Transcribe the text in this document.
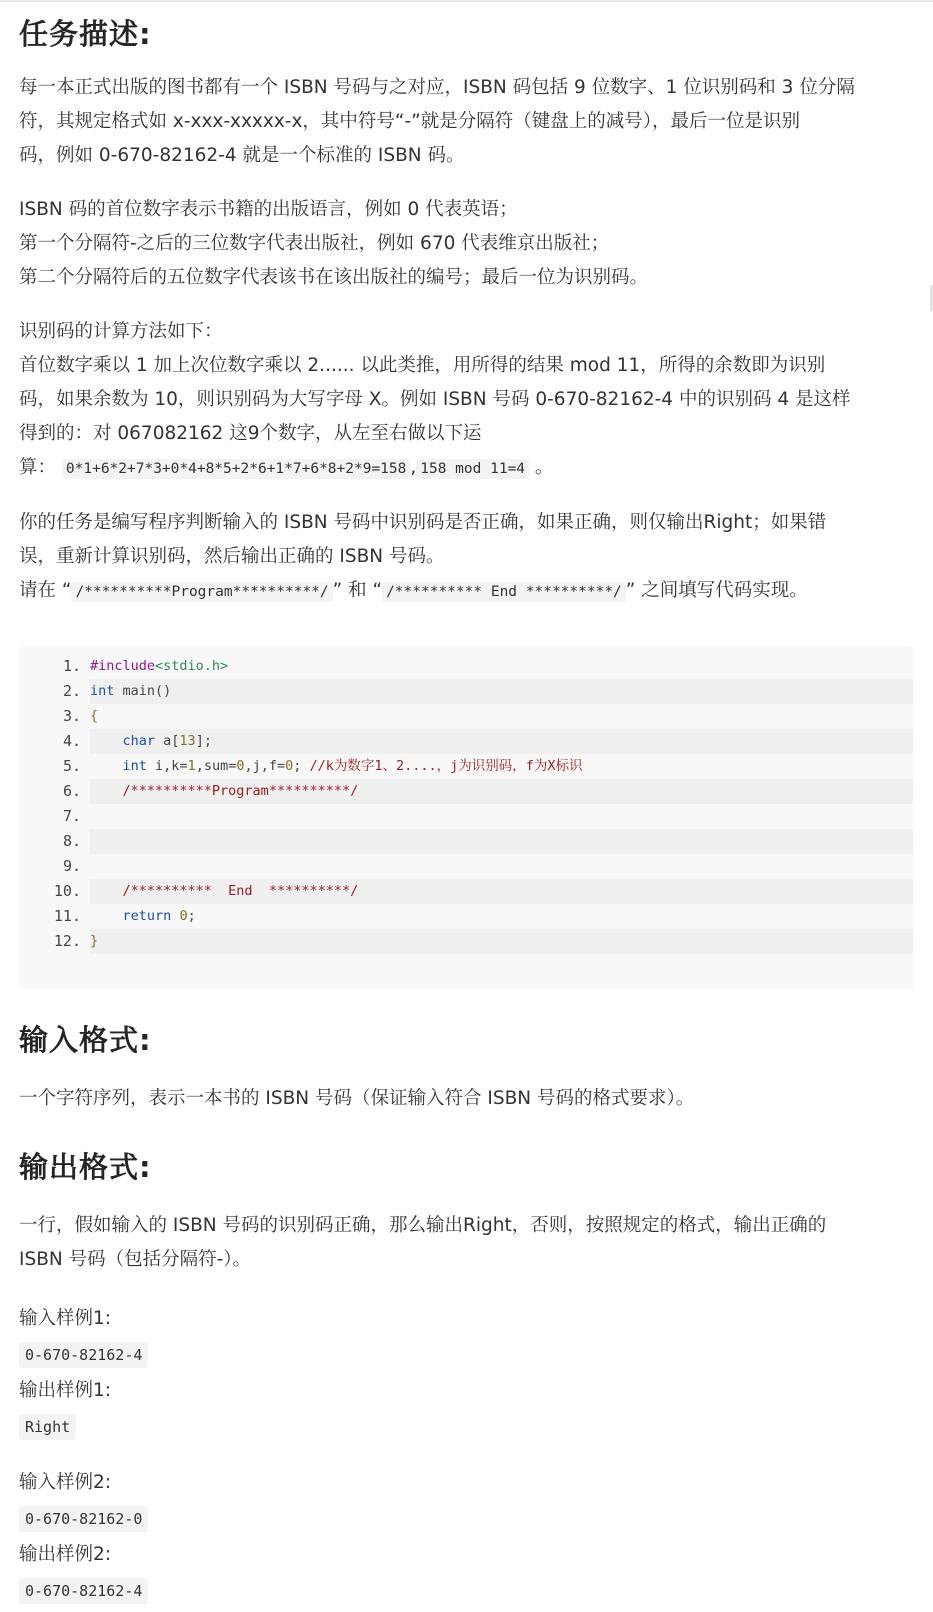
任务描述:

每一本正式出版的图书都有一个 ISBN 号码与之对应，ISBN 码包括 9 位数字、1 位识别码和 3 位分隔

符，其规定格式如 x-xxx-xxxxx-x，其中符号“-”就是分隔符（键盘上的减号），最后一位是识别

码，例如 0-670-82162-4 就是一个标准的 ISBN 码。

ISBN 码的首位数字表示书籍的出版语言，例如 0 代表英语；

第一个分隔符-之后的三位数字代表出版社，例如 670 代表维京出版社；

第二个分隔符后的五位数字代表该书在该出版社的编号；最后一位为识别码。

识别码的计算方法如下：

首位数字乘以 1 加上次位数字乘以 2...... 以此类推，用所得的结果 mod 11，所得的余数即为识别

码，如果余数为 10，则识别码为大写字母 X。例如 ISBN 号码 0-670-82162-4 中的识别码 4 是这样

得到的：对 067082162 这9个数字，从左至右做以下运

算： 0*1+6*2+7*3+0*4+8*5+2*6+1*7+6*8+2*9=158 , 158 mod 11=4 。

你的任务是编写程序判断输入的 ISBN 号码中识别码是否正确，如果正确，则仅输出Right；如果错

误，重新计算识别码，然后输出正确的 ISBN 号码。

请在 “ /**********Program**********/ ” 和 “ /********** End **********/ ” 之间填写代码实现。

1. #include<stdio.h>
2. int main()
3. {
4.	char a[13];
5.	int i,k=1,sum=0,j,f=0; //k为数字1、2....，j为识别码，f为X标识
6.	/**********Program**********/
7.
8.
9.
10.	/**********  End  **********/
11.	return 0;
12. }
输入格式:

一个字符序列，表示一本书的 ISBN 号码（保证输入符合 ISBN 号码的格式要求）。

输出格式:

一行，假如输入的 ISBN 号码的识别码正确，那么输出Right，否则，按照规定的格式，输出正确的

ISBN 号码（包括分隔符-）。

输入样例1:

0-670-82162-4

输出样例1:

Right

输入样例2:

0-670-82162-0

输出样例2:

0-670-82162-4
